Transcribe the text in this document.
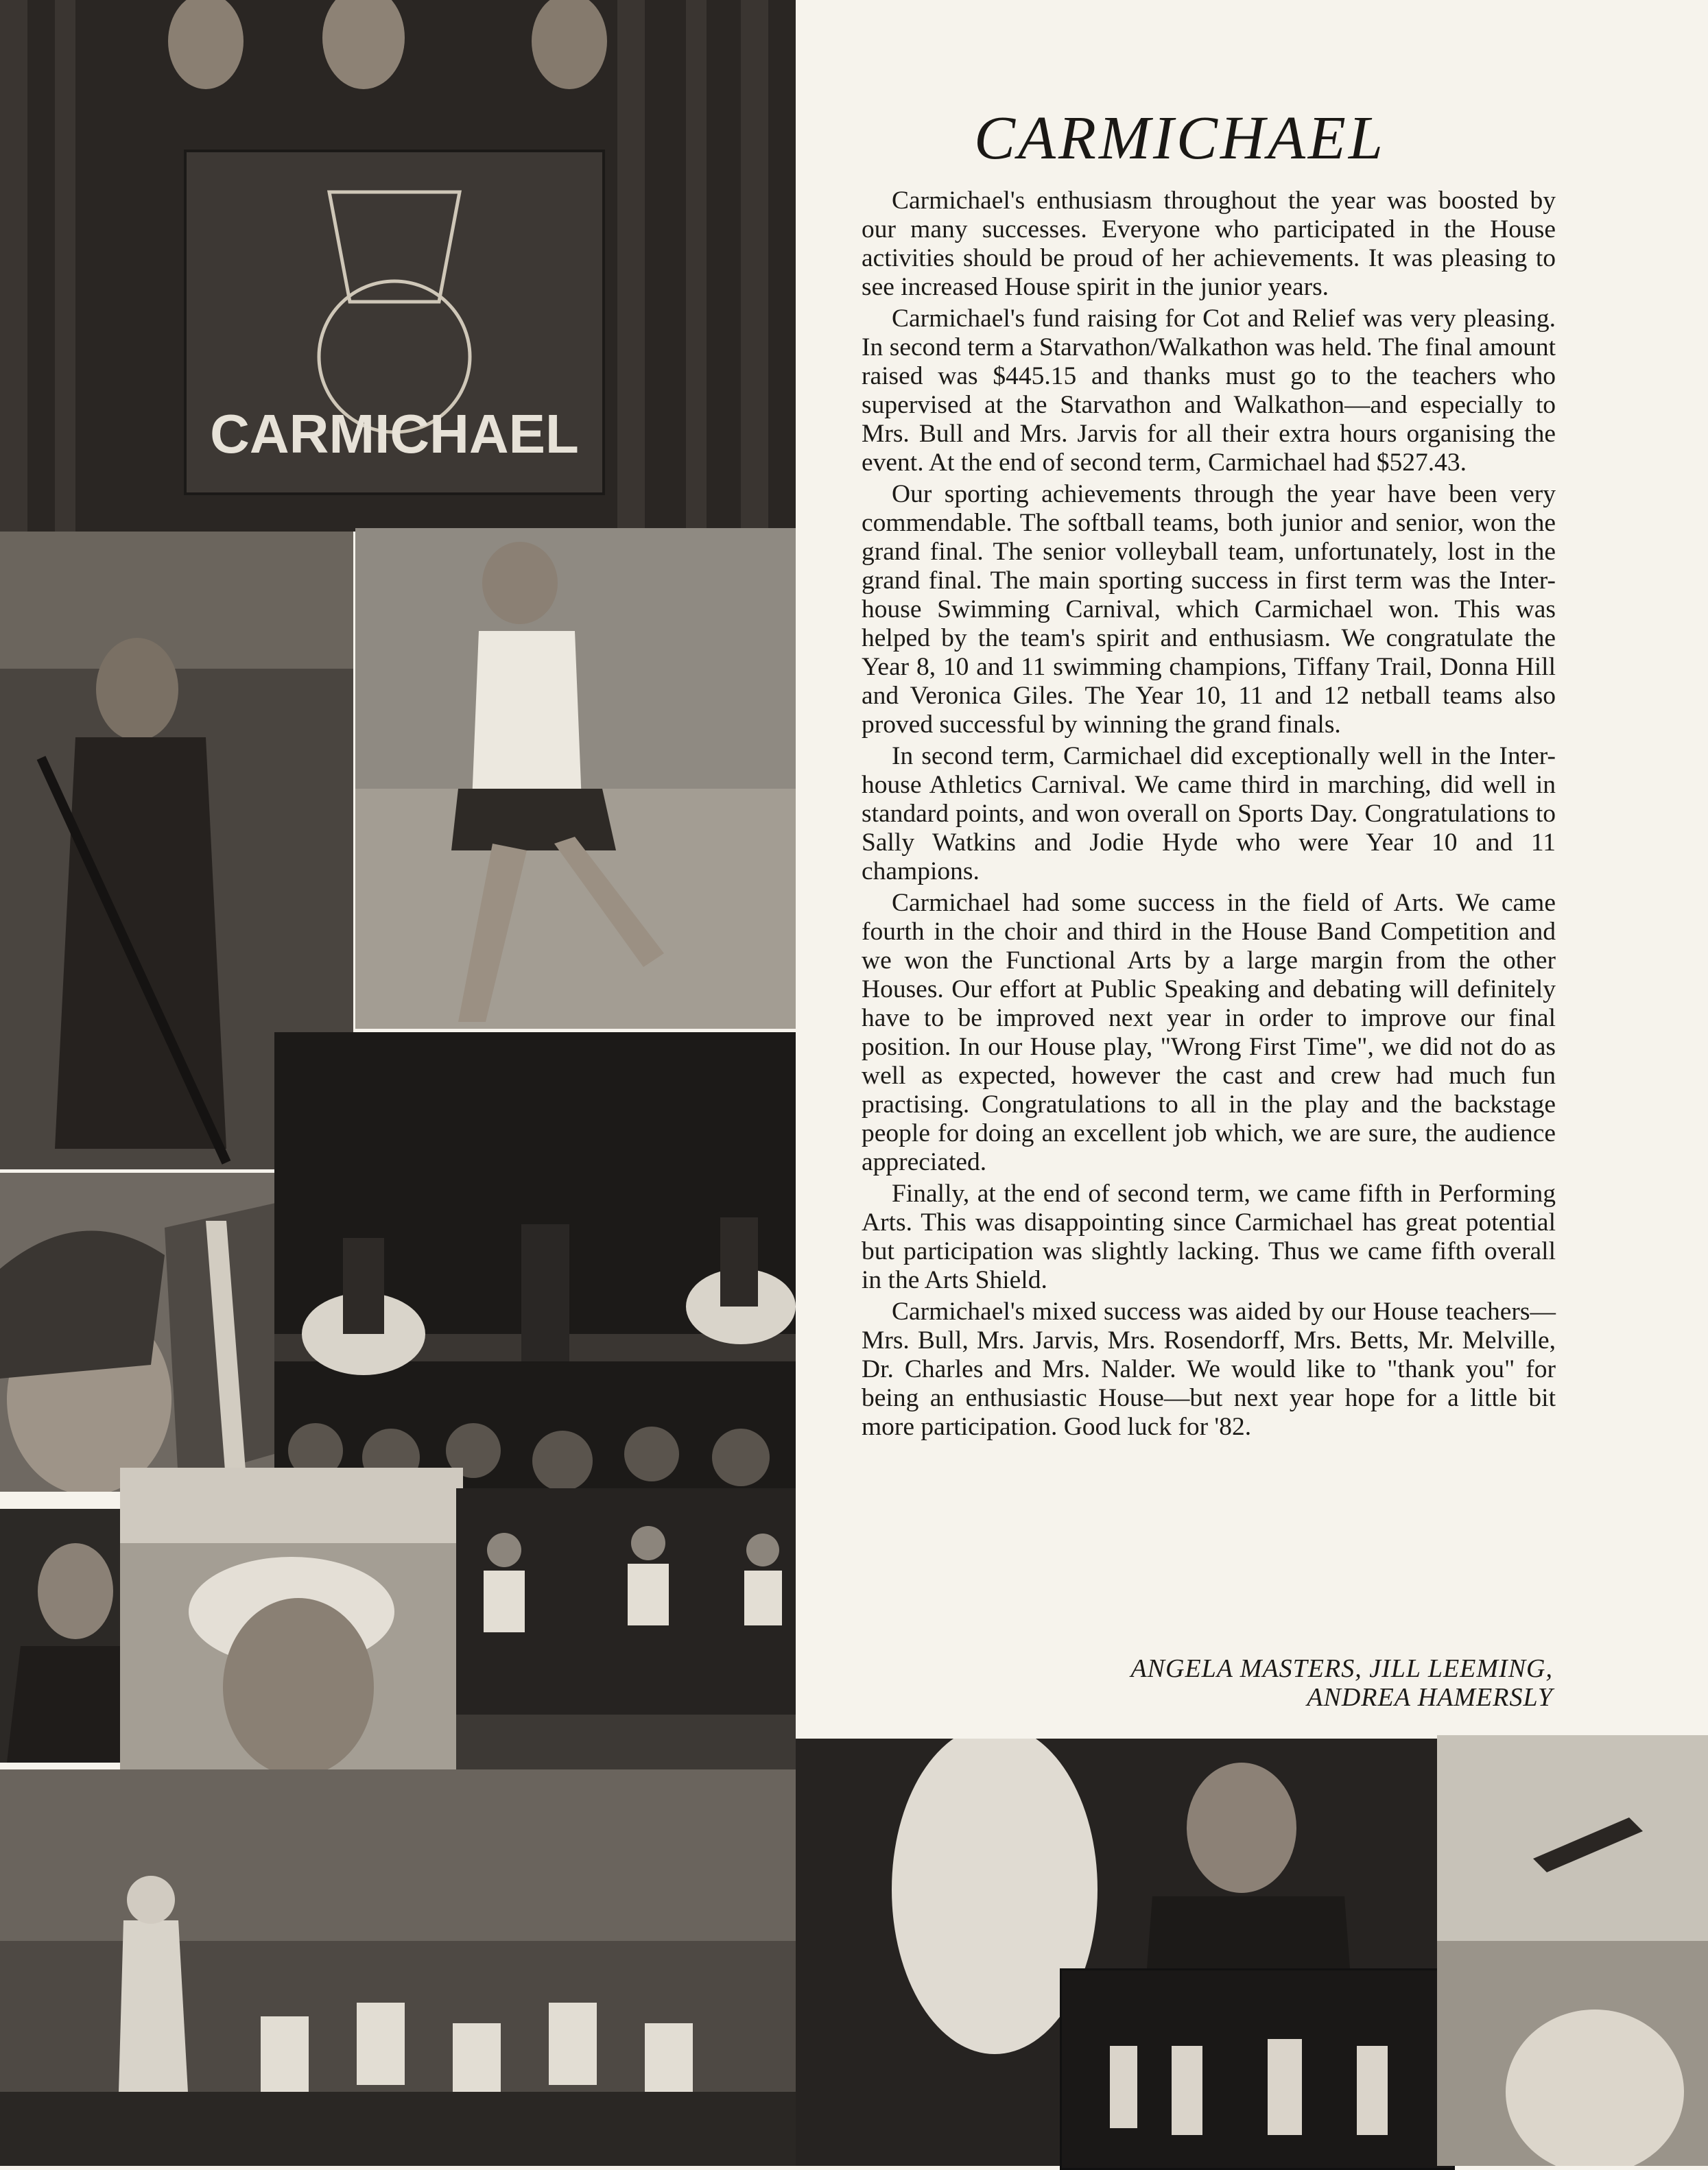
CARMICHAEL
CARMICHAEL

Carmichael's enthusiasm throughout the year was boosted by our many successes. Everyone who participated in the House activities should be proud of her achievements. It was pleasing to see increased House spirit in the junior years.

Carmichael's fund raising for Cot and Relief was very pleasing. In second term a Starvathon/Walkathon was held. The final amount raised was $445.15 and thanks must go to the teachers who supervised at the Starvathon and Walkathon—and especially to Mrs. Bull and Mrs. Jarvis for all their extra hours organising the event. At the end of second term, Carmichael had $527.43.

Our sporting achievements through the year have been very commendable. The softball teams, both junior and senior, won the grand final. The senior volleyball team, unfortunately, lost in the grand final. The main sporting success in first term was the Inter-house Swimming Carnival, which Carmichael won. This was helped by the team's spirit and enthusiasm. We congratulate the Year 8, 10 and 11 swimming champions, Tiffany Trail, Donna Hill and Veronica Giles. The Year 10, 11 and 12 netball teams also proved successful by winning the grand finals.

In second term, Carmichael did exceptionally well in the Inter-house Athletics Carnival. We came third in marching, did well in standard points, and won overall on Sports Day. Congratulations to Sally Watkins and Jodie Hyde who were Year 10 and 11 champions.

Carmichael had some success in the field of Arts. We came fourth in the choir and third in the House Band Competition and we won the Functional Arts by a large margin from the other Houses. Our effort at Public Speaking and debating will definitely have to be improved next year in order to improve our final position. In our House play, "Wrong First Time", we did not do as well as expected, however the cast and crew had much fun practising. Congratulations to all in the play and the backstage people for doing an excellent job which, we are sure, the audience appreciated.

Finally, at the end of second term, we came fifth in Performing Arts. This was disappointing since Carmichael has great potential but participation was slightly lacking. Thus we came fifth overall in the Arts Shield.

Carmichael's mixed success was aided by our House teachers—Mrs. Bull, Mrs. Jarvis, Mrs. Rosendorff, Mrs. Betts, Mr. Melville, Dr. Charles and Mrs. Nalder. We would like to "thank you" for being an enthusiastic House—but next year hope for a little bit more participation. Good luck for '82.

ANGELA MASTERS, JILL LEEMING,
ANDREA HAMERSLY
